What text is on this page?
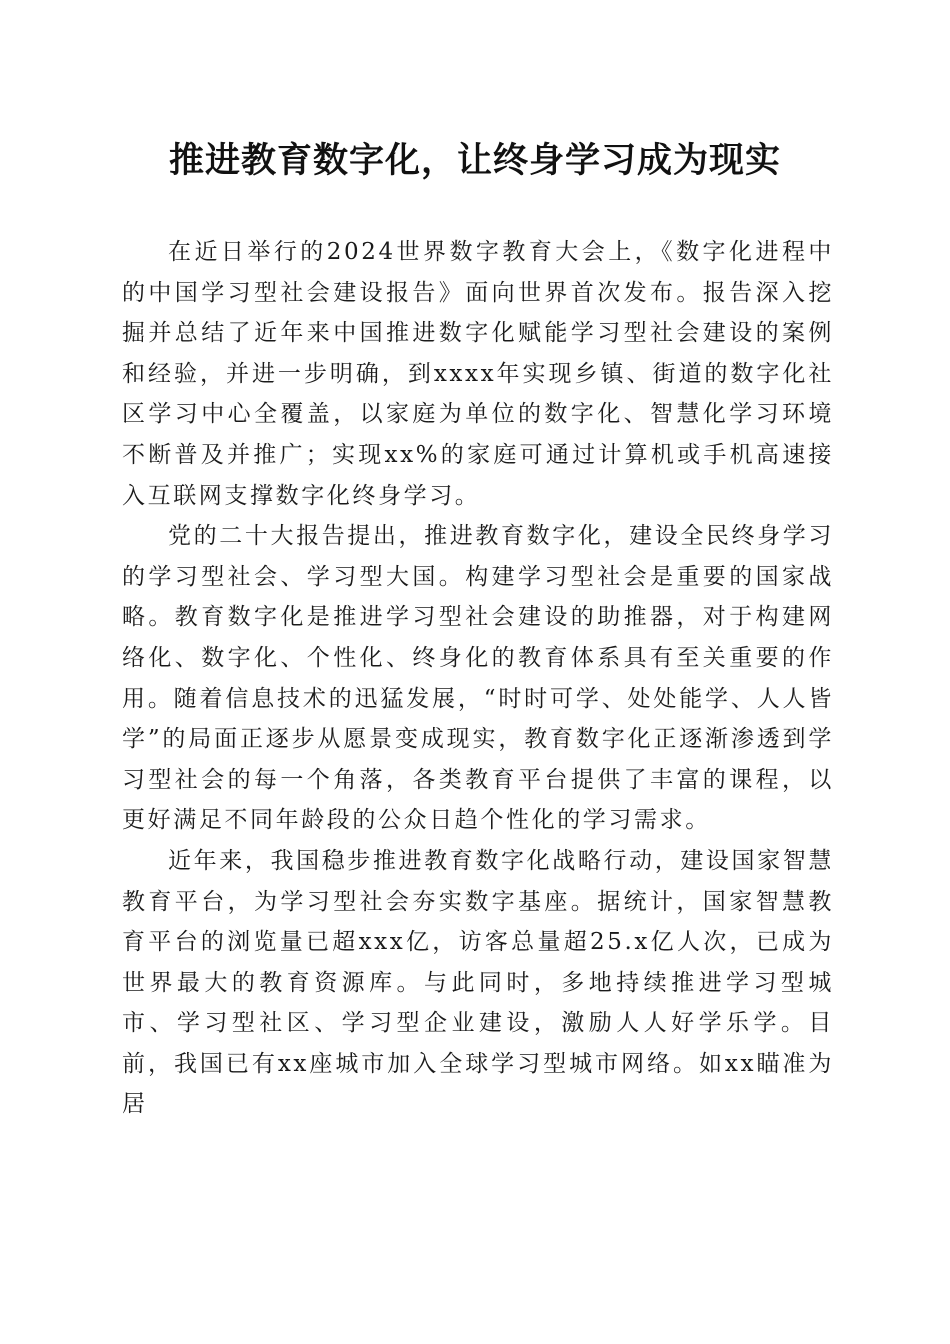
推进教育数字化，让终身学习成为现实

在近日举行的2024世界数字教育大会上，《数字化进程中的中国学习型社会建设报告》面向世界首次发布。报告深入挖掘并总结了近年来中国推进数字化赋能学习型社会建设的案例和经验，并进一步明确，到xxxx年实现乡镇、街道的数字化社区学习中心全覆盖，以家庭为单位的数字化、智慧化学习环境不断普及并推广；实现xx%的家庭可通过计算机或手机高速接入互联网支撑数字化终身学习。

党的二十大报告提出，推进教育数字化，建设全民终身学习的学习型社会、学习型大国。构建学习型社会是重要的国家战略。教育数字化是推进学习型社会建设的助推器，对于构建网络化、数字化、个性化、终身化的教育体系具有至关重要的作用。随着信息技术的迅猛发展，“时时可学、处处能学、人人皆学”的局面正逐步从愿景变成现实，教育数字化正逐渐渗透到学习型社会的每一个角落，各类教育平台提供了丰富的课程，以更好满足不同年龄段的公众日趋个性化的学习需求。

近年来，我国稳步推进教育数字化战略行动，建设国家智慧教育平台，为学习型社会夯实数字基座。据统计，国家智慧教育平台的浏览量已超xxx亿，访客总量超25.x亿人次，已成为世界最大的教育资源库。与此同时，多地持续推进学习型城市、学习型社区、学习型企业建设，激励人人好学乐学。目前，我国已有xx座城市加入全球学习型城市网络。如xx瞄准为居
